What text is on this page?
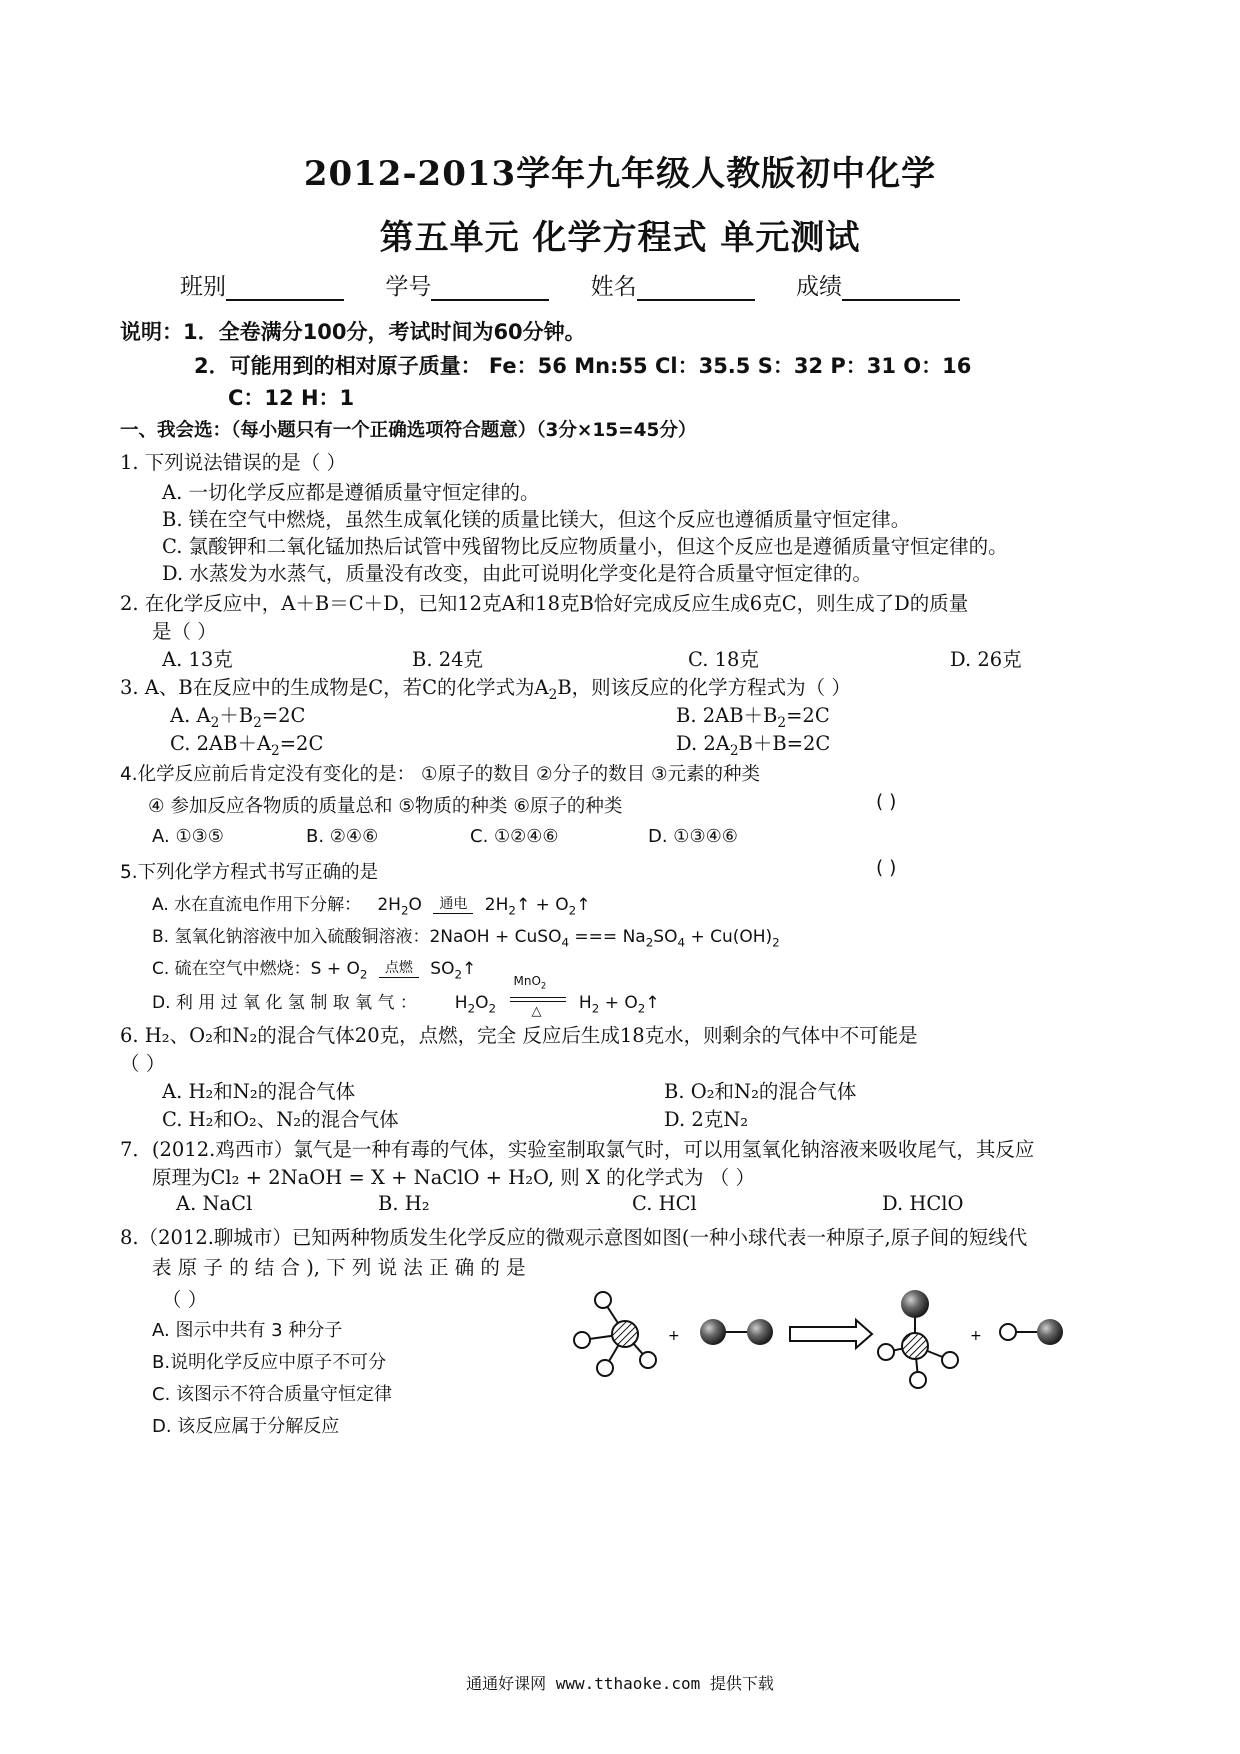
2012-2013学年九年级人教版初中化学
第五单元 化学方程式 单元测试
班别	学号	姓名	成绩
说明：1．全卷满分100分，考试时间为60分钟。
2．可能用到的相对原子质量： Fe：56 Mn:55 Cl：35.5 S：32 P：31 O：16
C：12 H：1
一、我会选：（每小题只有一个正确选项符合题意）（3分×15=45分）
1. 下列说法错误的是（ ）
A. 一切化学反应都是遵循质量守恒定律的。
B. 镁在空气中燃烧，虽然生成氧化镁的质量比镁大，但这个反应也遵循质量守恒定律。
C. 氯酸钾和二氧化锰加热后试管中残留物比反应物质量小，但这个反应也是遵循质量守恒定律的。
D. 水蒸发为水蒸气，质量没有改变，由此可说明化学变化是符合质量守恒定律的。
2. 在化学反应中，A＋B＝C＋D，已知12克A和18克B恰好完成反应生成6克C，则生成了D的质量
是（ ）
A. 13克	B. 24克	C. 18克	D. 26克
3. A、B在反应中的生成物是C，若C的化学式为$A_2B$，则该反应的化学方程式为（ ）
A. $A_2+B_2=2C$	B. $2AB+B_2=2C$
C. $2AB+A_2=2C$	D. $2A_2B+B=2C$
4.化学反应前后肯定没有变化的是： ①原子的数目 ②分子的数目 ③元素的种类
④ 参加反应各物质的质量总和 ⑤物质的种类 ⑥原子的种类	( )
A. ①③⑤	B. ②④⑥	C. ①②④⑥	D. ①③④⑥
5.下列化学方程式书写正确的是	( )
A. 水在直流电作用下分解： $2H_2O$ 通电 $2H_2↑$ + $O_2↑$
B. 氢氧化钠溶液中加入硫酸铜溶液：2NaOH + CuSO$_4$ === $Na_2SO_4 + Cu(OH)_2$
C. 硫在空气中燃烧：$S + O_2$ 点燃 $SO_2↑$
D. 利 用 过 氧 化 氢 制 取 氧 气 ： $H_2O_2$
MnO$_2$
△ $H_2$ + $O_2↑$
6. H₂、O₂和N₂的混合气体20克，点燃，完全 反应后生成18克水，则剩余的气体中不可能是
（ ）
A. H₂和N₂的混合气体	B. O₂和N₂的混合气体
C. H₂和O₂、N₂的混合气体	D. 2克N₂
7．(2012.鸡西市）氯气是一种有毒的气体，实验室制取氯气时，可以用氢氧化钠溶液来吸收尾气，其反应
原理为Cl₂ + 2NaOH = X + NaClO + H₂O, 则 X 的化学式为 （ ）
A. NaCl	B. H₂	C. HCl	D. HClO
8.（2012.聊城市）已知两种物质发生化学反应的微观示意图如图(一种小球代表一种原子,原子间的短线代
表 原 子 的 结 合 ), 下 列 说 法 正 确 的 是
（ ）
A. 图示中共有 3 种分子
B.说明化学反应中原子不可分
C. 该图示不符合质量守恒定律
D. 该反应属于分解反应
+	+
通通好课网 www.tthaoke.com 提供下载
